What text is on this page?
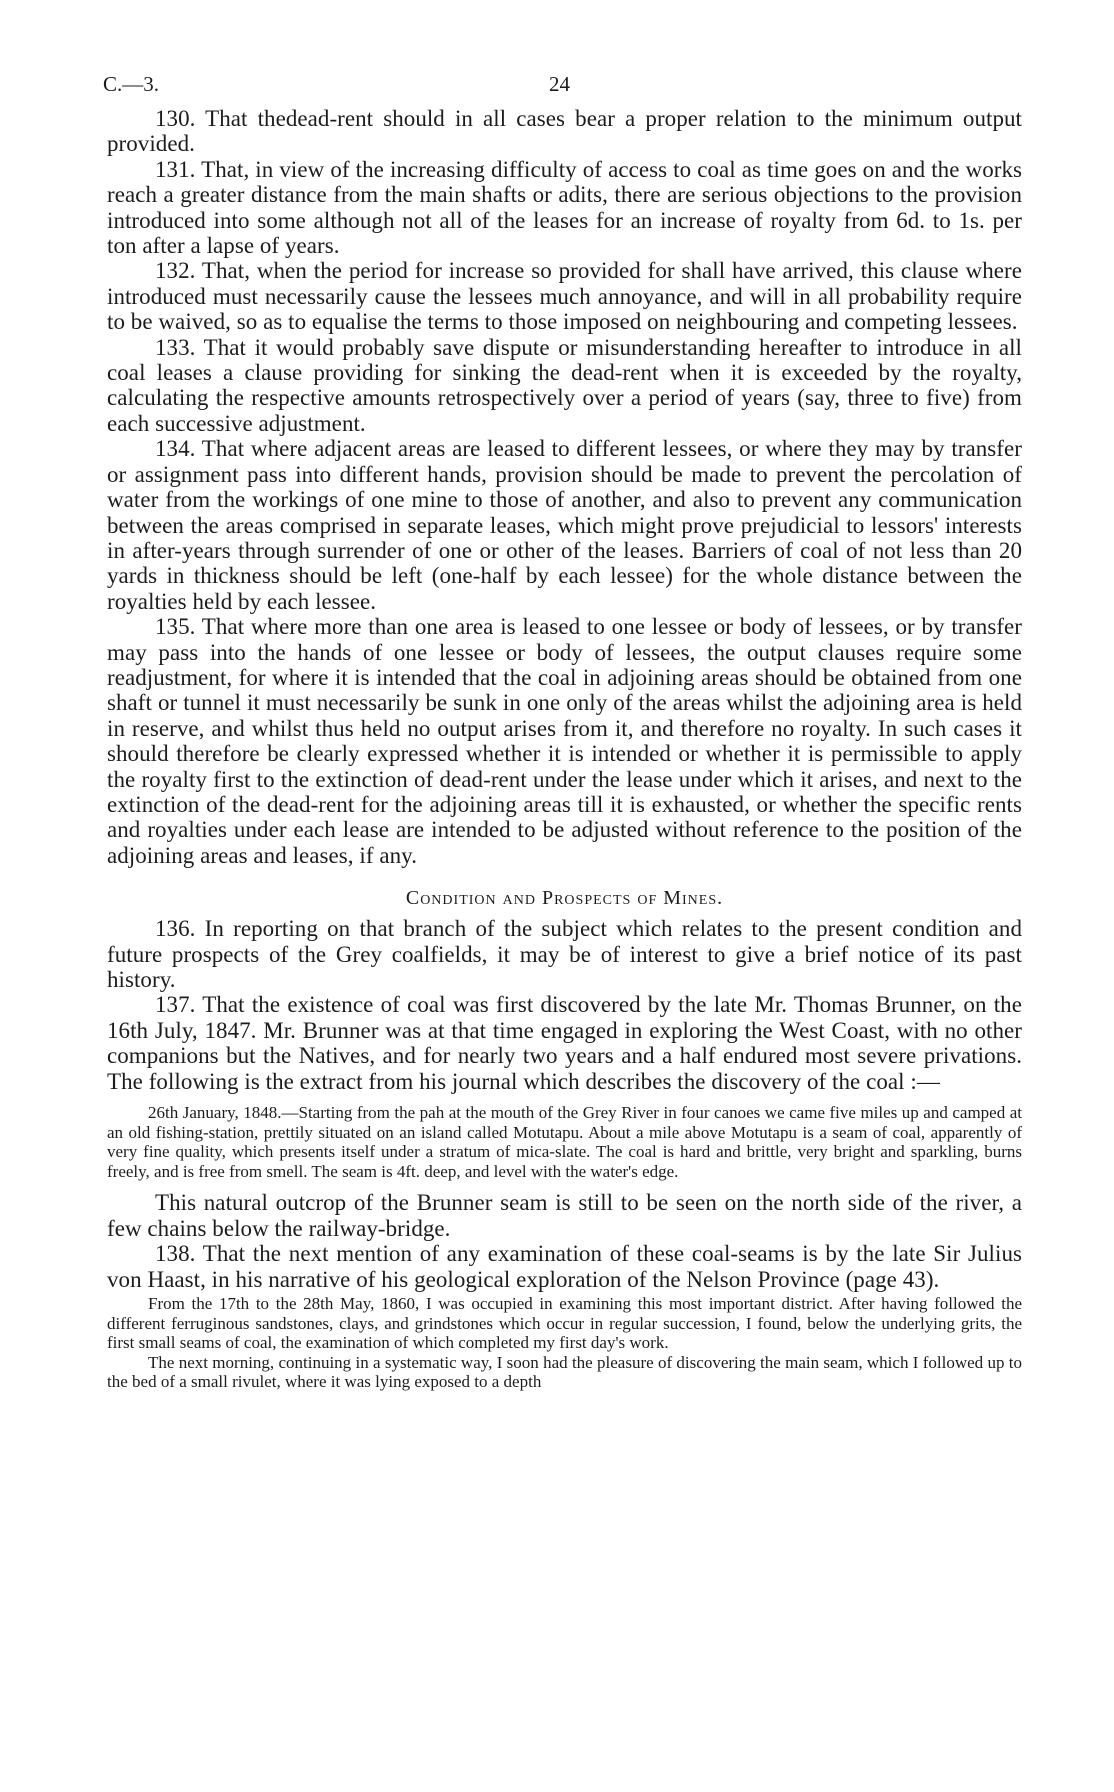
C.—3.	24

130. That thedead-rent should in all cases bear a proper relation to the minimum output provided.

131. That, in view of the increasing difficulty of access to coal as time goes on and the works reach a greater distance from the main shafts or adits, there are serious objections to the provision introduced into some although not all of the leases for an increase of royalty from 6d. to 1s. per ton after a lapse of years.

132. That, when the period for increase so provided for shall have arrived, this clause where introduced must necessarily cause the lessees much annoyance, and will in all probability require to be waived, so as to equalise the terms to those imposed on neighbouring and competing lessees.

133. That it would probably save dispute or misunderstanding hereafter to introduce in all coal leases a clause providing for sinking the dead-rent when it is exceeded by the royalty, calculating the respective amounts retrospectively over a period of years (say, three to five) from each successive adjustment.

134. That where adjacent areas are leased to different lessees, or where they may by transfer or assignment pass into different hands, provision should be made to prevent the percolation of water from the workings of one mine to those of another, and also to prevent any communication between the areas comprised in separate leases, which might prove prejudicial to lessors' interests in after-years through surrender of one or other of the leases. Barriers of coal of not less than 20 yards in thickness should be left (one-half by each lessee) for the whole distance between the royalties held by each lessee.

135. That where more than one area is leased to one lessee or body of lessees, or by transfer may pass into the hands of one lessee or body of lessees, the output clauses require some readjustment, for where it is intended that the coal in adjoining areas should be obtained from one shaft or tunnel it must necessarily be sunk in one only of the areas whilst the adjoining area is held in reserve, and whilst thus held no output arises from it, and therefore no royalty. In such cases it should therefore be clearly expressed whether it is intended or whether it is permissible to apply the royalty first to the extinction of dead-rent under the lease under which it arises, and next to the extinction of the dead-rent for the adjoining areas till it is exhausted, or whether the specific rents and royalties under each lease are intended to be adjusted without reference to the position of the adjoining areas and leases, if any.

Condition and Prospects of Mines.

136. In reporting on that branch of the subject which relates to the present condition and future prospects of the Grey coalfields, it may be of interest to give a brief notice of its past history.

137. That the existence of coal was first discovered by the late Mr. Thomas Brunner, on the 16th July, 1847. Mr. Brunner was at that time engaged in exploring the West Coast, with no other companions but the Natives, and for nearly two years and a half endured most severe privations. The following is the extract from his journal which describes the discovery of the coal :—

26th January, 1848.—Starting from the pah at the mouth of the Grey River in four canoes we came five miles up and camped at an old fishing-station, prettily situated on an island called Motutapu. About a mile above Motutapu is a seam of coal, apparently of very fine quality, which presents itself under a stratum of mica-slate. The coal is hard and brittle, very bright and sparkling, burns freely, and is free from smell. The seam is 4ft. deep, and level with the water's edge.

This natural outcrop of the Brunner seam is still to be seen on the north side of the river, a few chains below the railway-bridge.

138. That the next mention of any examination of these coal-seams is by the late Sir Julius von Haast, in his narrative of his geological exploration of the Nelson Province (page 43).

From the 17th to the 28th May, 1860, I was occupied in examining this most important district. After having followed the different ferruginous sandstones, clays, and grindstones which occur in regular succession, I found, below the underlying grits, the first small seams of coal, the examination of which completed my first day's work.

The next morning, continuing in a systematic way, I soon had the pleasure of discovering the main seam, which I followed up to the bed of a small rivulet, where it was lying exposed to a depth
